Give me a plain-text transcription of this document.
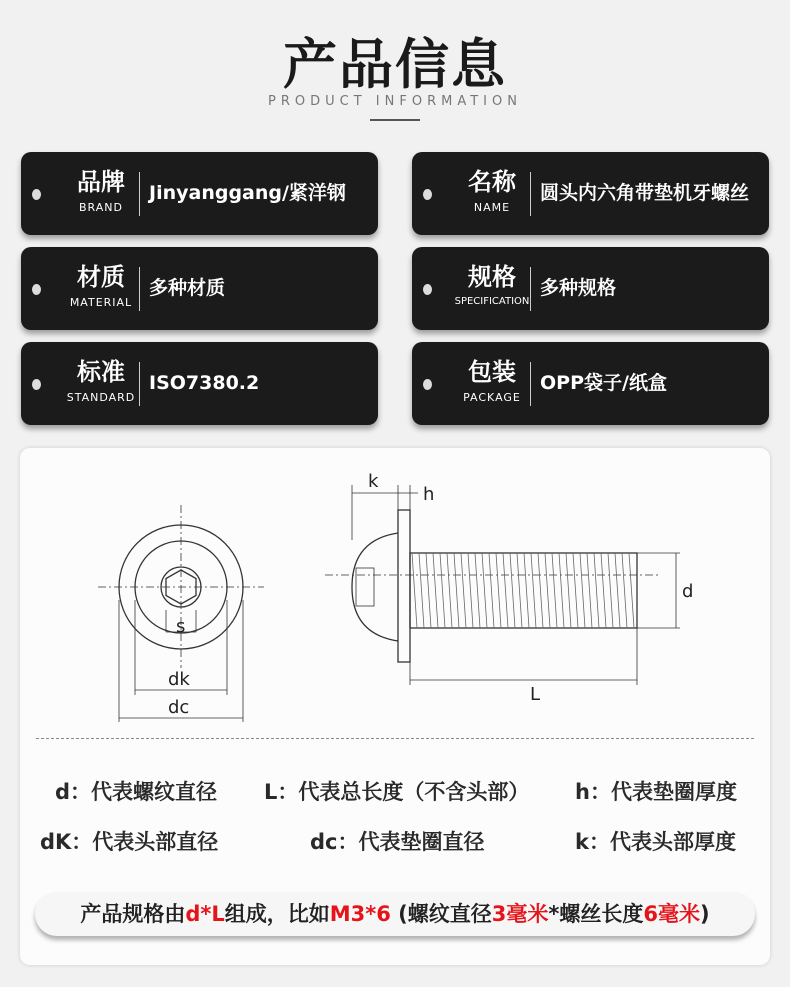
产品信息
PRODUCT INFORMATION
品牌
BRAND
Jinyanggang/紧洋钢	名称
NAME
圆头内六角带垫机牙螺丝
材质
MATERIAL
多种材质	规格
SPECIFICATION
多种规格
标准
STANDARD
ISO7380.2	包装
PACKAGE
OPP袋子/纸盒
s
dk
dc
k
h
d
L
d：代表螺纹直径 L：代表总长度（不含头部） h：代表垫圈厚度
dK：代表头部直径	dc：代表垫圈直径	k：代表头部厚度
产品规格由d*L组成，比如M3*6 (螺纹直径3毫米*螺丝长度6毫米)
